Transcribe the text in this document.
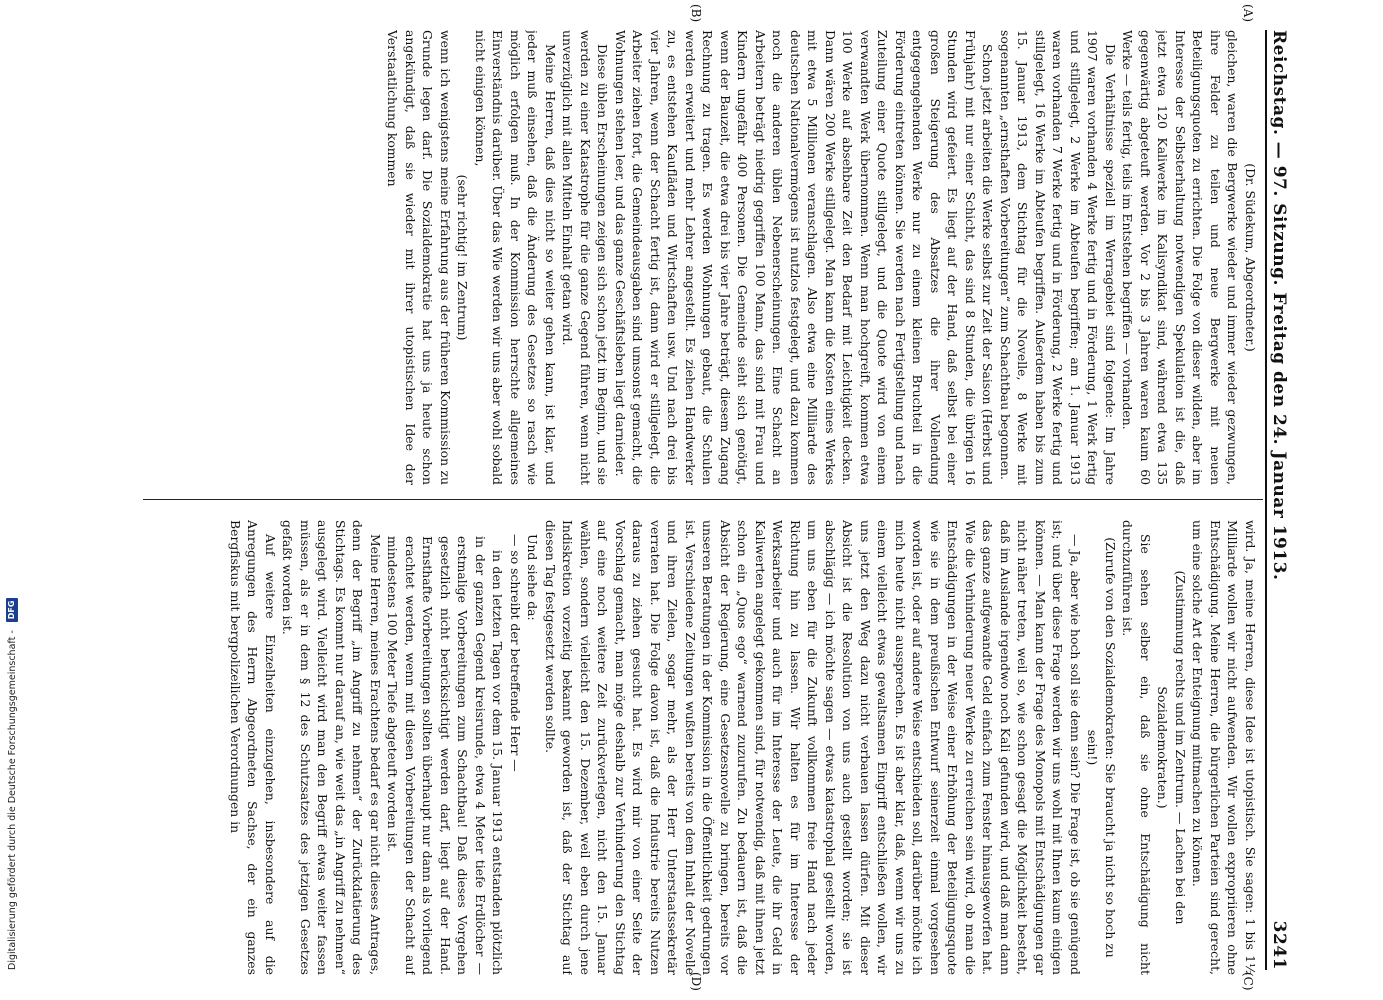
Reichstag. — 97. Sitzung. Freitag den 24. Januar 1913.
3241
(A)
(B)
(C)
(D)

(Dr. Südekum, Abgeordneter.)

gleichen, waren die Bergwerke wieder und immer wieder gezwungen, ihre Felder zu teilen und neue Bergwerke mit neuen Beteiligungsquoten zu errichten. Die Folge von dieser wilden, aber im Interesse der Selbsterhaltung notwendigen Spekulation ist die, daß jetzt etwa 120 Kaliwerke im Kalisyndikat sind, während etwa 135 gegenwärtig abgeteuft werden. Vor 2 bis 3 Jahren waren kaum 60 Werke — teils fertig, teils im Entstehen begriffen — vorhanden.

Die Verhältnisse speziell im Werragebiet sind folgende: Im Jahre 1907 waren vorhanden 4 Werke fertig und in Förderung, 1 Werk fertig und stillgelegt, 2 Werke im Abteufen begriffen; am 1. Januar 1913 waren vorhanden 7 Werke fertig und in Förderung, 2 Werke fertig und stillgelegt, 16 Werke im Abteufen begriffen. Außerdem haben bis zum 15. Januar 1913, dem Stichtag für die Novelle, 8 Werke mit sogenannten „ernsthaften Vorbereitungen“ zum Schachtbau begonnen.

Schon jetzt arbeiten die Werke selbst zur Zeit der Saison (Herbst und Frühjahr) mit nur einer Schicht, das sind 8 Stunden, die übrigen 16 Stunden wird gefeiert. Es liegt auf der Hand, daß selbst bei einer großen Steigerung des Absatzes die ihrer Vollendung entgegengehenden Werke nur zu einem kleinen Bruchteil in die Förderung eintreten können. Sie werden nach Fertigstellung und nach Zuteilung einer Quote stillgelegt, und die Quote wird von einem verwandten Werk übernommen. Wenn man hochgreift, kommen etwa 100 Werke auf absehbare Zeit den Bedarf mit Leichtigkeit decken. Dann wären 200 Werke stillgelegt. Man kann die Kosten eines Werkes mit etwa 5 Millionen veranschlagen. Also etwa eine Milliarde des deutschen Nationalvermögens ist nutzlos festgelegt, und dazu kommen noch die anderen üblen Nebenerscheinungen. Eine Schacht an Arbeitern beträgt niedrig gegriffen 100 Mann, das sind mit Frau und Kindern ungefähr 400 Personen. Die Gemeinde sieht sich genötigt, wenn der Bauzeit, die etwa drei bis vier Jahre beträgt, diesem Zugang Rechnung zu tragen. Es werden Wohnungen gebaut, die Schulen werden erweitert und mehr Lehrer angestellt. Es ziehen Handwerker zu, es entstehen Kaufläden und Wirtschaften usw. Und nach drei bis vier Jahren, wenn der Schacht fertig ist, dann wird er stillgelegt, die Arbeiter ziehen fort, die Gemeindeausgaben sind umsonst gemacht, die Wohnungen stehen leer, und das ganze Geschäftsleben liegt darnieder.

Diese üblen Erscheinungen zeigen sich schon jetzt im Beginn, und sie werden zu einer Katastrophe für die ganze Gegend führen, wenn nicht unverzüglich mit allen Mitteln Einhalt getan wird.

Meine Herren, daß dies nicht so weiter gehen kann, ist klar, und jeder muß einsehen, daß die Änderung des Gesetzes so rasch wie möglich erfolgen muß. In der Kommission herrschte allgemeines Einverständnis darüber. Über das Wie werden wir uns aber wohl sobald nicht einigen können,

(sehr richtig! im Zentrum)

wenn ich wenigstens meine Erfahrung aus der früheren Kommission zu Grunde legen darf. Die Sozialdemokratie hat uns ja heute schon angekündigt, daß sie wieder mit ihrer utopistischen Idee der Verstaatlichung kommen

wird. Ja, meine Herren, diese Idee ist utopistisch. Sie sagen: 1 bis 1½ Milliarde wollen wir nicht aufwenden. Wir wollen expropriieren ohne Entschädigung. Meine Herren, die bürgerlichen Parteien sind gerecht, um eine solche Art der Enteignung mitmachen zu können.

(Zustimmung rechts und im Zentrum. — Lachen bei den Sozialdemokraten.)

Sie sehen selber ein, daß sie ohne Entschädigung nicht durchzuführen ist.

(Zurufe von den Sozialdemokraten: Sie braucht ja nicht so hoch zu sein!)

— Ja, aber wie hoch soll sie denn sein? Die Frage ist, ob sie genügend ist; und über diese Frage werden wir uns wohl mit Ihnen kaum einigen können. — Man kann der Frage des Monopols mit Entschädigungen gar nicht näher treten, weil so, wie schon gesagt die Möglichkeit besteht, daß im Auslande irgendwo noch Kali gefunden wird, und daß man dann das ganze aufgewandte Geld einfach zum Fenster hinausgeworfen hat. Wie die Verhinderung neuer Werke zu erreichen sein wird, ob man die Entschädigungen in der Weise einer Erhöhung der Beteiligungsquote wie sie in dem preußischen Entwurf seinerzeit einmal vorgesehen worden ist, oder auf andere Weise entschieden soll, darüber möchte ich mich heute nicht aussprechen. Es ist aber klar, daß, wenn wir uns zu einem vielleicht etwas gewaltsamen Eingriff entschließen wollen, wir uns jetzt den Weg dazu nicht verbauen lassen dürfen. Mit dieser Absicht ist die Resolution von uns auch gestellt worden; sie ist abschlägig — ich möchte sagen — etwas katastrophal gestellt worden, um uns eben für die Zukunft vollkommen freie Hand nach jeder Richtung hin zu lassen. Wir halten es für im Interesse der Werksarbeiter und auch für im Interesse der Leute, die ihr Geld in Kaliwerten angelegt gekommen sind, für notwendig, daß mit ihnen jetzt schon ein „Quos ego“ warnend zuzurufen. Zu bedauern ist, daß die Absicht der Regierung, eine Gesetzesnovelle zu bringen, bereits vor unseren Beratungen in der Kommission in die Öffentlichkeit gedrungen ist. Verschiedene Zeitungen wußten bereits von dem Inhalt der Novelle und ihren Zielen, sogar mehr, als der Herr Unterstaatssekretär verraten hat. Die Folge davon ist, daß die Industrie bereits Nutzen daraus zu ziehen gesucht hat. Es wird mir von einer Seite der Vorschlag gemacht, man möge deshalb zur Verhinderung den Stichtag auf eine noch weitere Zeit zurückverlegen, nicht den 15. Januar wählen, sondern vielleicht den 15. Dezember, weil eben durch jene Indiskretion vorzeitig bekannt geworden ist, daß der Stichtag auf diesen Tag festgesetzt werden sollte.

Und siehe da:

— so schreibt der betreffende Herr —

in den letzten Tagen vor dem 15. Januar 1913 entstanden plötzlich in der ganzen Gegend kreisrunde, etwa 4 Meter tiefe Erdlöcher — erstmalige Vorbereitungen zum Schachtbau! Daß dieses Vorgehen gesetzlich nicht berücksichtigt werden darf, liegt auf der Hand. Ernsthafte Vorbereitungen sollten überhaupt nur dann als vorliegend erachtet werden, wenn mit diesen Vorbereitungen der Schacht auf mindestens 100 Meter Tiefe abgeteuft worden ist.

Meine Herren, meines Erachtens bedarf es gar nicht dieses Antrages, denn der Begriff „im Angriff zu nehmen“ der Zurückdatierung des Stichtags. Es kommt nur darauf an, wie weit das „in Angriff zu nehmen“ ausgelegt wird. Vielleicht wird man den Begriff etwas weiter fassen müssen, als er in dem § 12 des Schutzsatzes des jetzigen Gesetzes gefaßt worden ist.

Auf weitere Einzelheiten einzugehen, insbesondere auf die Anregungen des Herrn Abgeordneten Sachse, der ein ganzes Bergfiskus mit bergpolizeilichen Verordnungen in

Digitalisierung gefördert durch die Deutsche Forschungsgemeinschaft -
DFG
